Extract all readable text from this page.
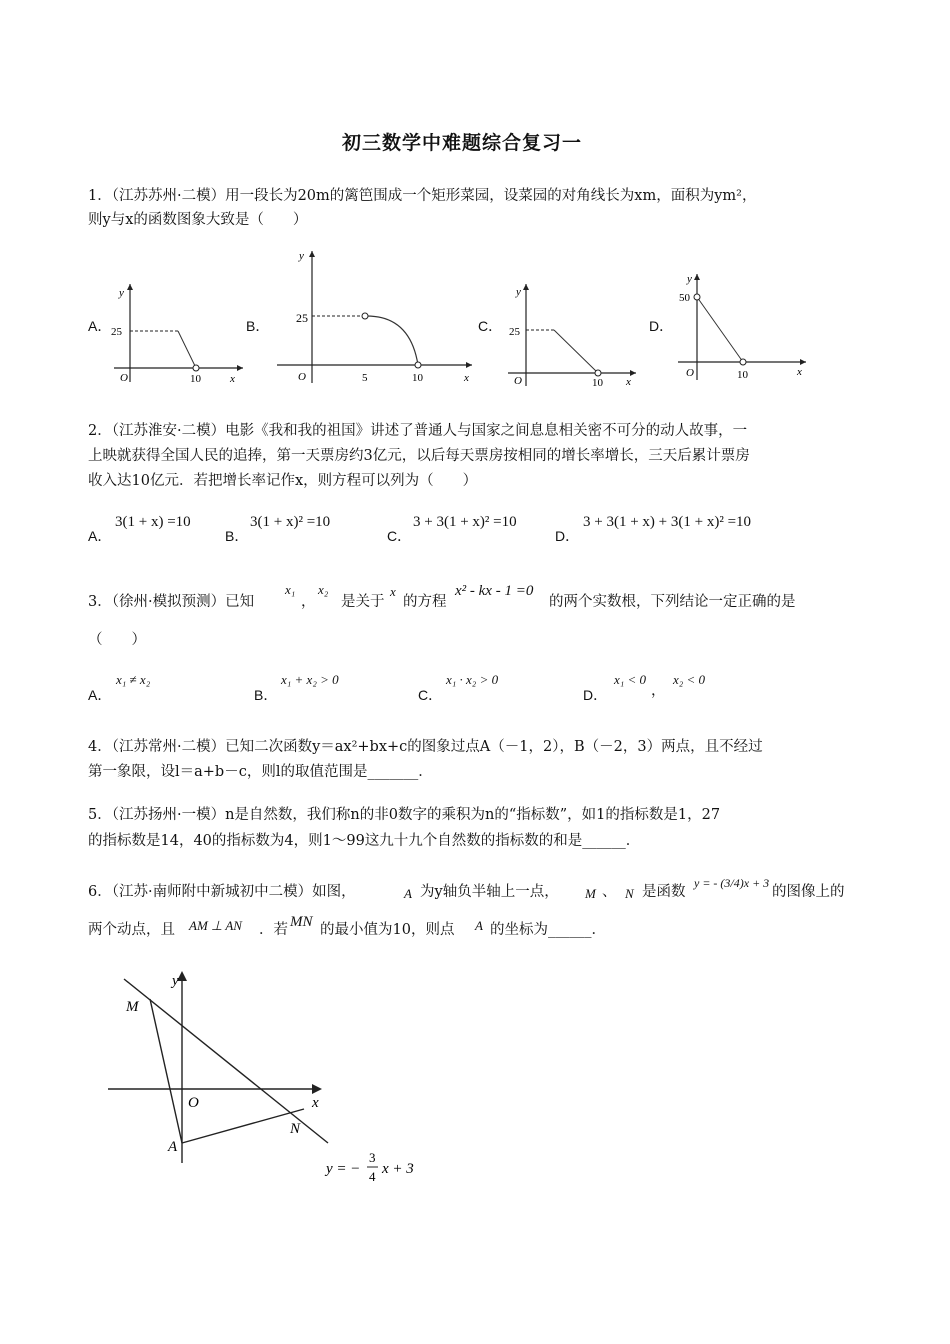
初三数学中难题综合复习一
1．（江苏苏州·二模）用一段长为20m的篱笆围成一个矩形菜园，设菜园的对角线长为xm，面积为ym²，
则y与x的函数图象大致是（　　）
A．	B．	C．	D．
y
25
O	10	x
y
25
O	5	10	x
y
25
O	10 x
y
50
O	10	x
2．（江苏淮安·二模）电影《我和我的祖国》讲述了普通人与国家之间息息相关密不可分的动人故事，一
上映就获得全国人民的追捧，第一天票房约3亿元，以后每天票房按相同的增长率增长，三天后累计票房
收入达10亿元．若把增长率记作x，则方程可以列为（　　）
A．
3(1 + x) =10
B．
3(1 + x)² =10
C．
3 + 3(1 + x)² =10
D．
3 + 3(1 + x) + 3(1 + x)² =10
3．（徐州·模拟预测）已知
x₁
，
x₂
是关于
x
的方程
x² - kx - 1 =0
的两个实数根，下列结论一定正确的是
（　　）
A．
x₁ ≠ x₂
B．
x₁ + x₂ > 0
C．
x₁ · x₂ > 0
D．
x₁ < 0
，
x₂ < 0
4．（江苏常州·二模）已知二次函数y＝ax²+bx+c的图象过点A（－1，2），B（－2，3）两点，且不经过
第一象限，设l＝a+b－c，则l的取值范围是_______．
5．（江苏扬州·一模）n是自然数，我们称n的非0数字的乘积为n的“指标数”，如1的指标数是1，27
的指标数是14，40的指标数为4，则1～99这九十九个自然数的指标数的和是______．
6．（江苏·南师附中新城初中二模）如图，	A 为y轴负半轴上一点， M 、 N 是函数
y = - (3/4)x + 3
的图像上的
两个动点，且 AM ⊥ AN ．若 MN 的最小值为10，则点 A 的坐标为______．
y
x
O
M
N
A
y = −
3
4 x + 3
